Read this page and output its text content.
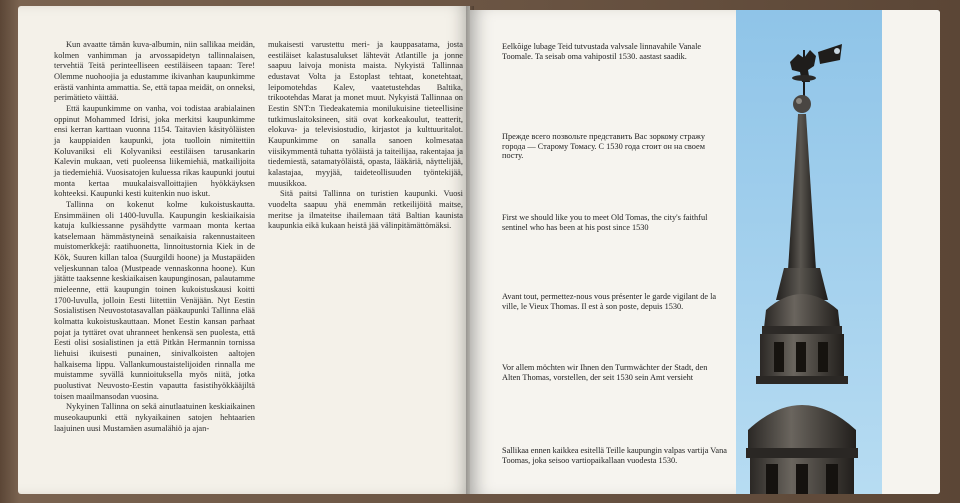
Kun avaatte tämän kuva-albumin, niin sallikaa meidän, kolmen vanhimman ja arvossapidetyn tallinnalaisen, tervehtiä Teitä perinteelliseen eestiläiseen tapaan: Tere! Olemme nuohoojia ja edustamme ikivanhan kaupunkimme erästä vanhinta ammattia. Se, että tapaa meidät, on onneksi, perimätieto väittää.

Että kaupunkimme on vanha, voi todistaa arabialainen oppinut Mohammed Idrisi, joka merkitsi kaupunkimme ensi kerran karttaan vuonna 1154. Taitavien käsityöläisten ja kauppiaiden kaupunki, jota tuolloin nimitettiin Koluvaniksi eli Kolyvaniksi eestiläisen tarusankarin Kalevin mukaan, veti puoleensa liikemiehiä, matkailijoita ja tiedemiehiä. Vuosisatojen kuluessa rikas kaupunki joutui monta kertaa muukalaisvalloittajien hyökkäyksen kohteeksi. Kaupunki kesti kuitenkin nuo iskut.

Tallinna on kokenut kolme kukoistuskautta. Ensimmäinen oli 1400-luvulla. Kaupungin keskiaikaisia katuja kulkiessanne pysähdytte varmaan monta kertaa katselemaan hämmästyneinä senaikaisia rakennustaiteen muistomerkkejä: raatihuonetta, linnoitustornia Kiek in de Kök, Suuren killan taloa (Suurgildi hoone) ja Mustapäiden veljeskunnan taloa (Mustpeade vennaskonna hoone). Kun jätätte taaksenne keskiaikaisen kaupunginosan, palautamme mieleenne, että kaupungin toinen kukoistuskausi koitti 1700-luvulla, jolloin Eesti liitettiin Venäjään. Nyt Eestin Sosialistisen Neuvostotasavallan pääkaupunki Tallinna elää kolmatta kukoistuskauttaan. Monet Eestin kansan parhaat pojat ja tyttäret ovat uhranneet henkensä sen puolesta, että Eesti olisi sosialistinen ja että Pitkän Hermannin tornissa liehuisi ikuisesti punainen, sinivalkoisten aaltojen halkaisema lippu. Vallankumoustaistelijoiden rinnalla me muistamme syvällä kunnioituksella myös niitä, jotka puolustivat Neuvosto-Eestin vapautta fasistihyökkääjiltä toisen maailmansodan vuosina.

Nykyinen Tallinna on sekä ainutlaatuinen keskiaikainen museokaupunki että nykyaikainen satojen hehtaarien laajuinen uusi Mustamäen asumalähiö ja ajan-

mukaisesti varustettu meri- ja kauppasatama, josta eestiläiset kalastusalukset lähtevät Atlantille ja jonne saapuu laivoja monista maista. Nykyistä Tallinnaa edustavat Volta ja Estoplast tehtaat, konetehtaat, leipomotehdas Kalev, vaatetustehdas Baltika, trikootehdas Marat ja monet muut. Nykyistä Tallinnaa on Eestin SNT:n Tiedeakatemia monilukuisine tieteellisine tutkimuslaitoksineen, sitä ovat korkeakoulut, teatterit, elokuva- ja televisiostudio, kirjastot ja kulttuuritalot. Kaupunkimme on sanalla sanoen kolmesataa viisikymmentä tuhatta työläistä ja taiteilijaa, rakentajaa ja tiedemiestä, satamatyöläistä, opasta, lääkäriä, näyttelijää, kalastajaa, myyjää, taideteollisuuden työntekijää, muusikkoa.

Sitä paitsi Tallinna on turistien kaupunki. Vuosi vuodelta saapuu yhä enemmän retkeilijöitä maitse, meritse ja ilmateitse ihailemaan tätä Baltian kaunista kaupunkia eikä kukaan heistä jää välinpitämättömäksi.

Eelkõige lubage Teid tutvustada valvsale linnavahile Vanale Toomale. Ta seisab oma vahipostil 1530. aastast saadik.
Прежде всего позвольте представить Вас зоркому стражу города — Старому Томасу. С 1530 года стоит он на своем посту.
First we should like you to meet Old Tomas, the city's faithful sentinel who has been at his post since 1530
Avant tout, permettez-nous vous présenter le garde vigilant de la ville, le Vieux Thomas. Il est à son poste, depuis 1530.
Vor allem möchten wir Ihnen den Turmwächter der Stadt, den Alten Thomas, vorstellen, der seit 1530 sein Amt versieht
Sallikaa ennen kaikkea esitellä Teille kaupungin valpas vartija Vana Toomas, joka seisoo vartiopaikallaan vuodesta 1530.
